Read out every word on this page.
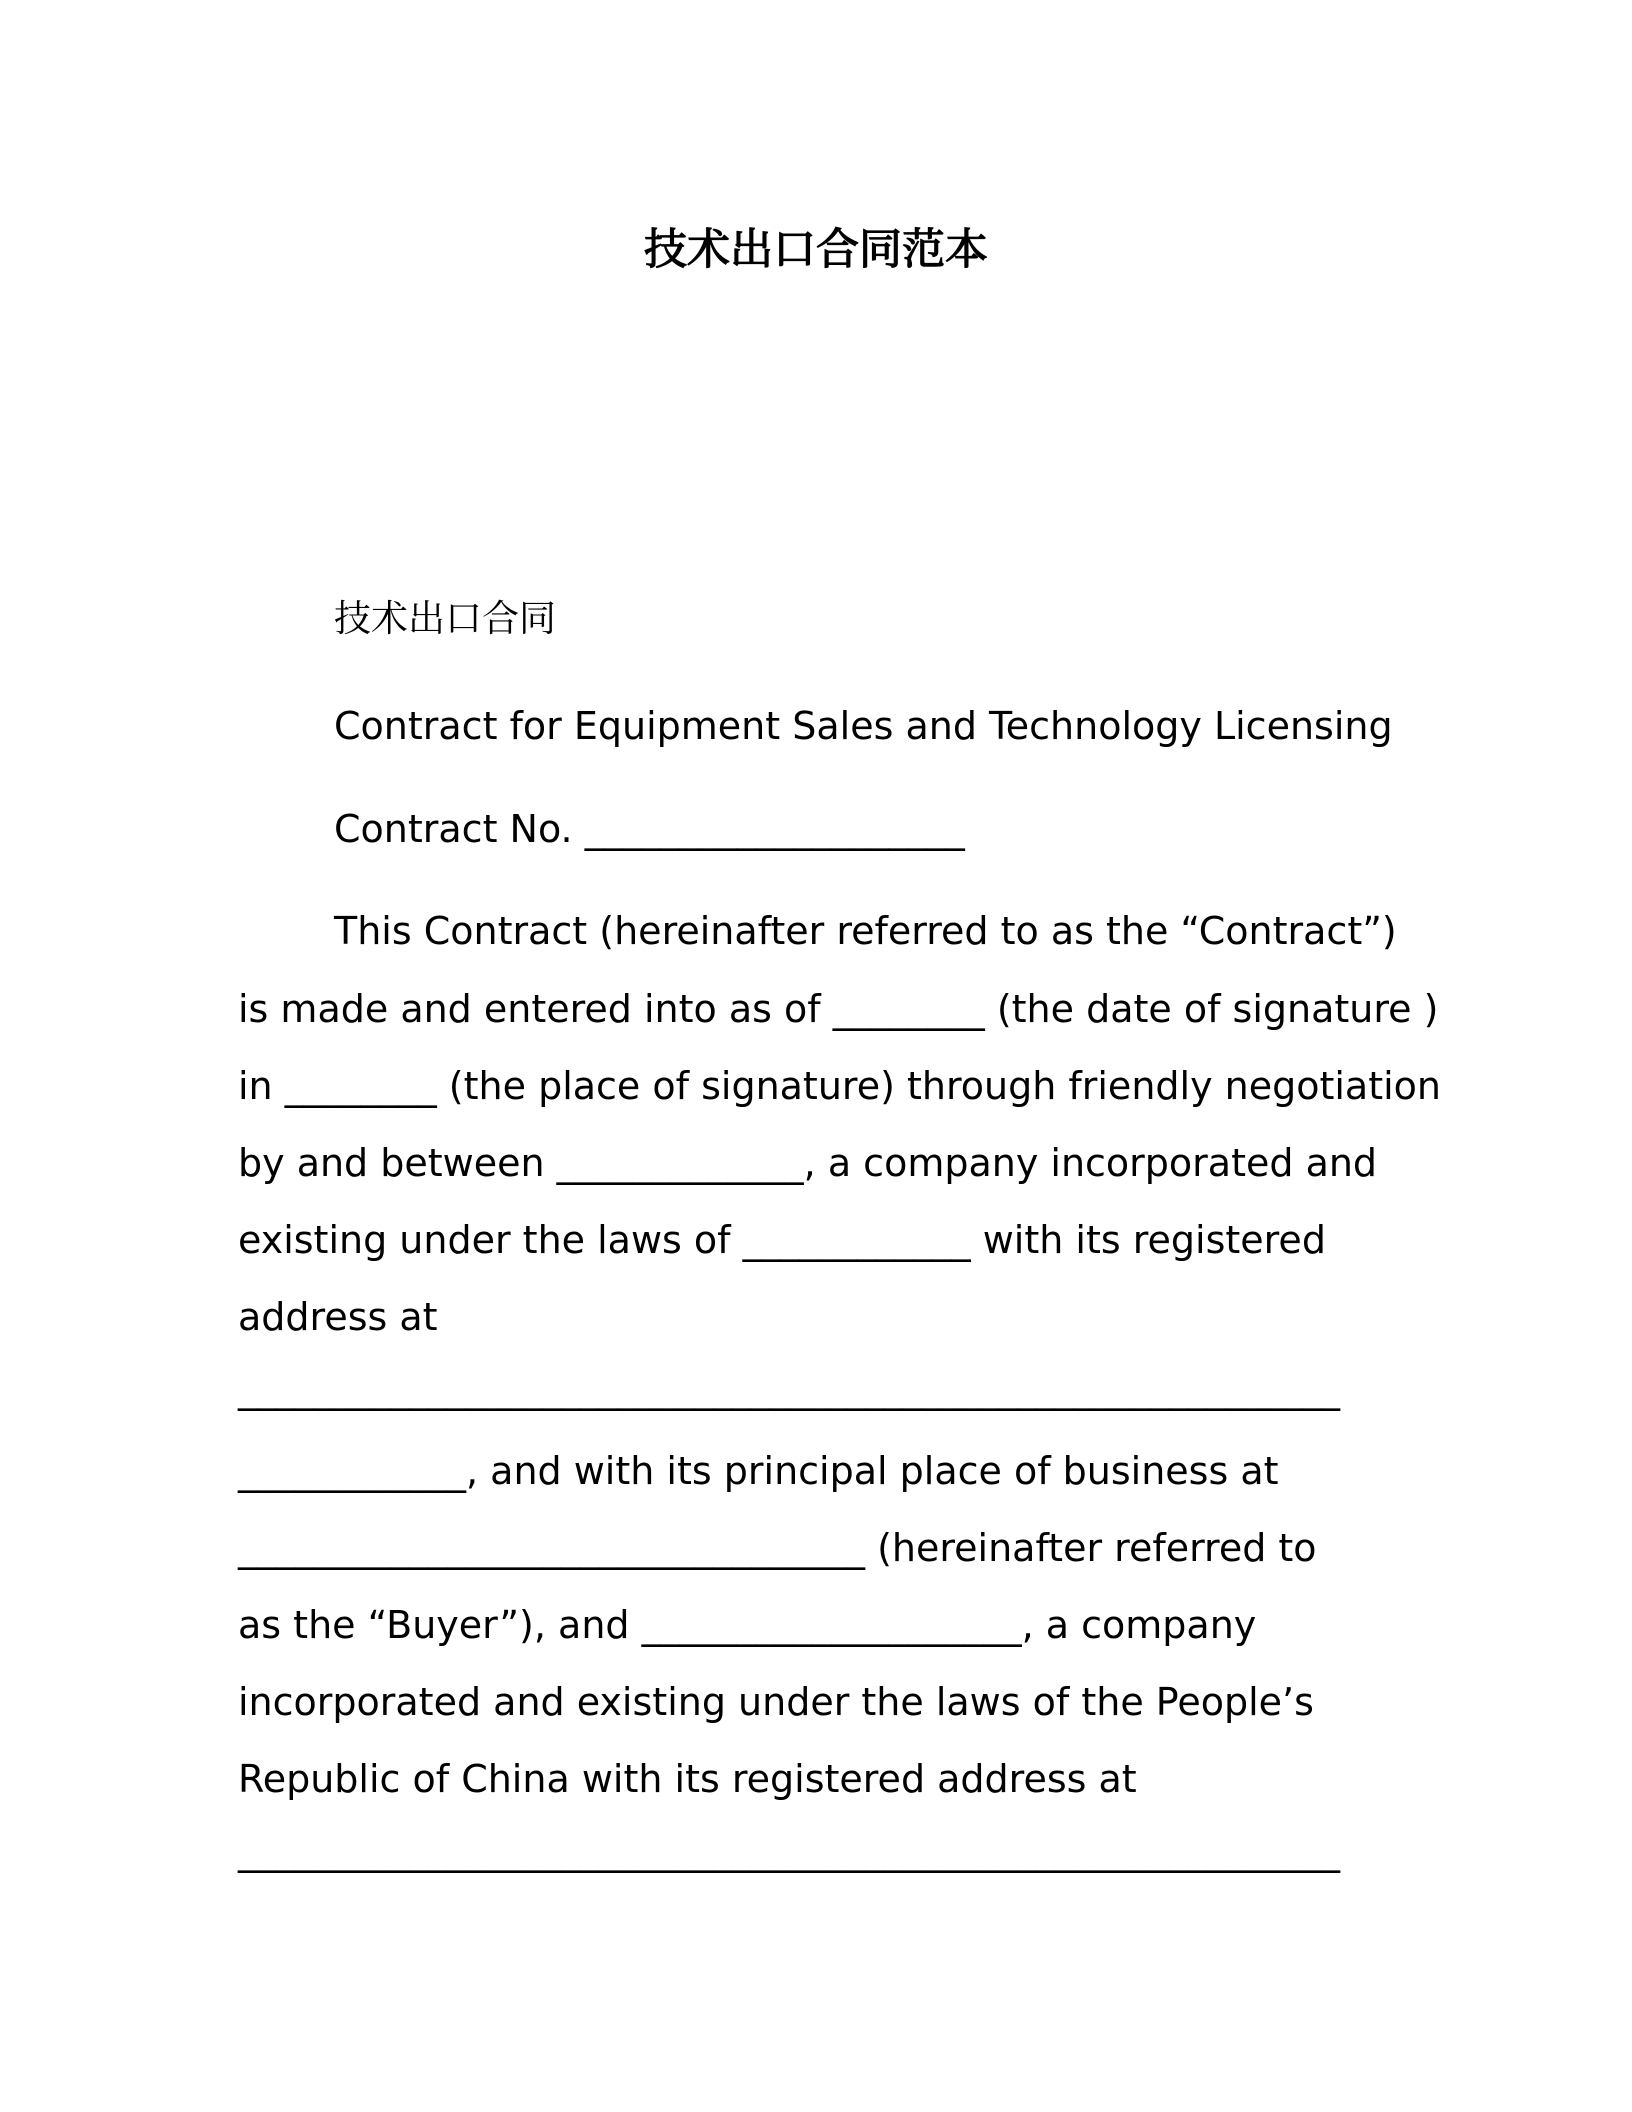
技术出口合同范本
技术出口合同
Contract for Equipment Sales and Technology Licensing
Contract No. ____________________
This Contract (hereinafter referred to as the “Contract”)
is made and entered into as of ________ (the date of signature )
in ________ (the place of signature) through friendly negotiation
by and between _____________, a company incorporated and
existing under the laws of ____________ with its registered
address at
__________________________________________________________
____________, and with its principal place of business at
_________________________________ (hereinafter referred to
as the “Buyer”), and ____________________, a company
incorporated and existing under the laws of the People’s
Republic of China with its registered address at
__________________________________________________________
